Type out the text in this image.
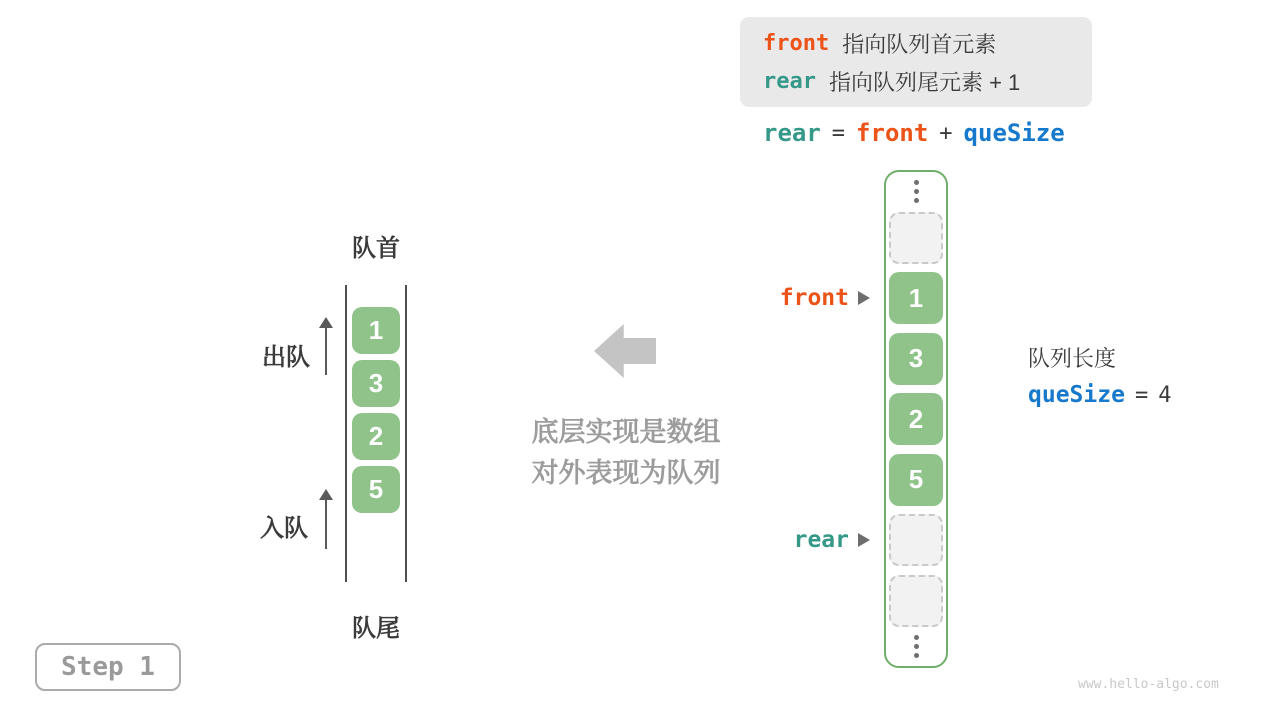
front 指向队列首元素
rear 指向队列尾元素 + 1
rear = front + queSize
队首
1
3
2
5
出队
入队
队尾
底层实现是数组
对外表现为队列
1
3
2
5
front
rear
队列长度
queSize = 4
Step 1
www.hello-algo.com
